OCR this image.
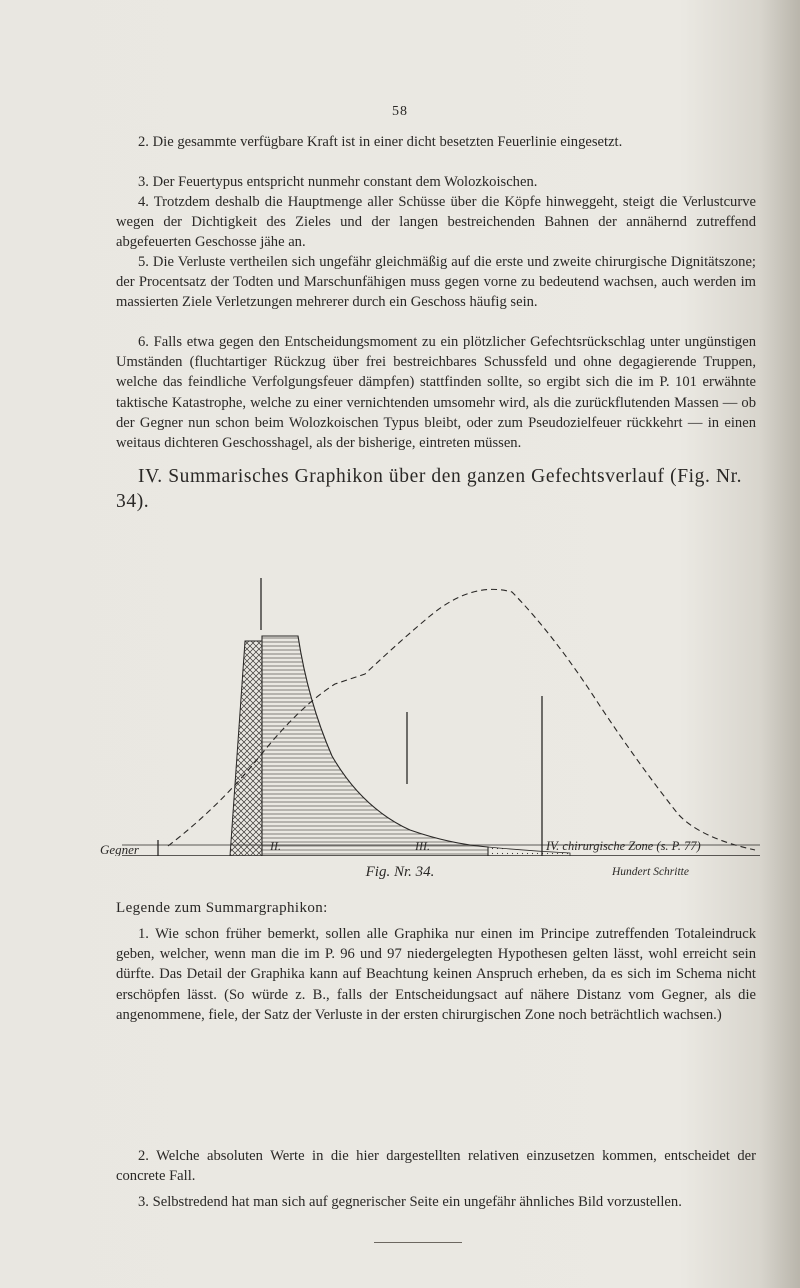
58

2. Die gesammte verfügbare Kraft ist in einer dicht besetzten Feuerlinie eingesetzt.

3. Der Feuertypus entspricht nunmehr constant dem Wolozkoischen.

4. Trotzdem deshalb die Hauptmenge aller Schüsse über die Köpfe hinweggeht, steigt die Verlustcurve wegen der Dichtigkeit des Zieles und der langen bestreichenden Bahnen der annähernd zutreffend abgefeuerten Geschosse jähe an.

5. Die Verluste vertheilen sich ungefähr gleichmäßig auf die erste und zweite chirurgische Dignitätszone; der Procentsatz der Todten und Marschunfähigen muss gegen vorne zu bedeutend wachsen, auch werden im massierten Ziele Verletzungen mehrerer durch ein Geschoss häufig sein.

6. Falls etwa gegen den Entscheidungsmoment zu ein plötzlicher Gefechtsrückschlag unter ungünstigen Umständen (fluchtartiger Rückzug über frei bestreichbares Schussfeld und ohne degagierende Truppen, welche das feindliche Verfolgungsfeuer dämpfen) stattfinden sollte, so ergibt sich die im P. 101 erwähnte taktische Katastrophe, welche zu einer vernichtenden umsomehr wird, als die zurückflutenden Massen — ob der Gegner nun schon beim Wolozkoischen Typus bleibt, oder zum Pseudozielfeuer rückkehrt — in einen weitaus dichteren Geschosshagel, als der bisherige, eintreten müssen.

IV. Summarisches Graphikon über den ganzen Gefechtsverlauf (Fig. Nr. 34).
Gegner	II.	III.	IV. chirurgische Zone (s. P. 77)
Hundert Schritte
Fig. Nr. 34.
Legende zum Summargraphikon:

1. Wie schon früher bemerkt, sollen alle Graphika nur einen im Principe zutreffenden Totaleindruck geben, welcher, wenn man die im P. 96 und 97 niedergelegten Hypothesen gelten lässt, wohl erreicht sein dürfte. Das Detail der Graphika kann auf Beachtung keinen Anspruch erheben, da es sich im Schema nicht erschöpfen lässt. (So würde z. B., falls der Entscheidungsact auf nähere Distanz vom Gegner, als die angenommene, fiele, der Satz der Verluste in der ersten chirurgischen Zone noch beträchtlich wachsen.)

2. Welche absoluten Werte in die hier dargestellten relativen einzusetzen kommen, entscheidet der concrete Fall.

3. Selbstredend hat man sich auf gegnerischer Seite ein ungefähr ähnliches Bild vorzustellen.
